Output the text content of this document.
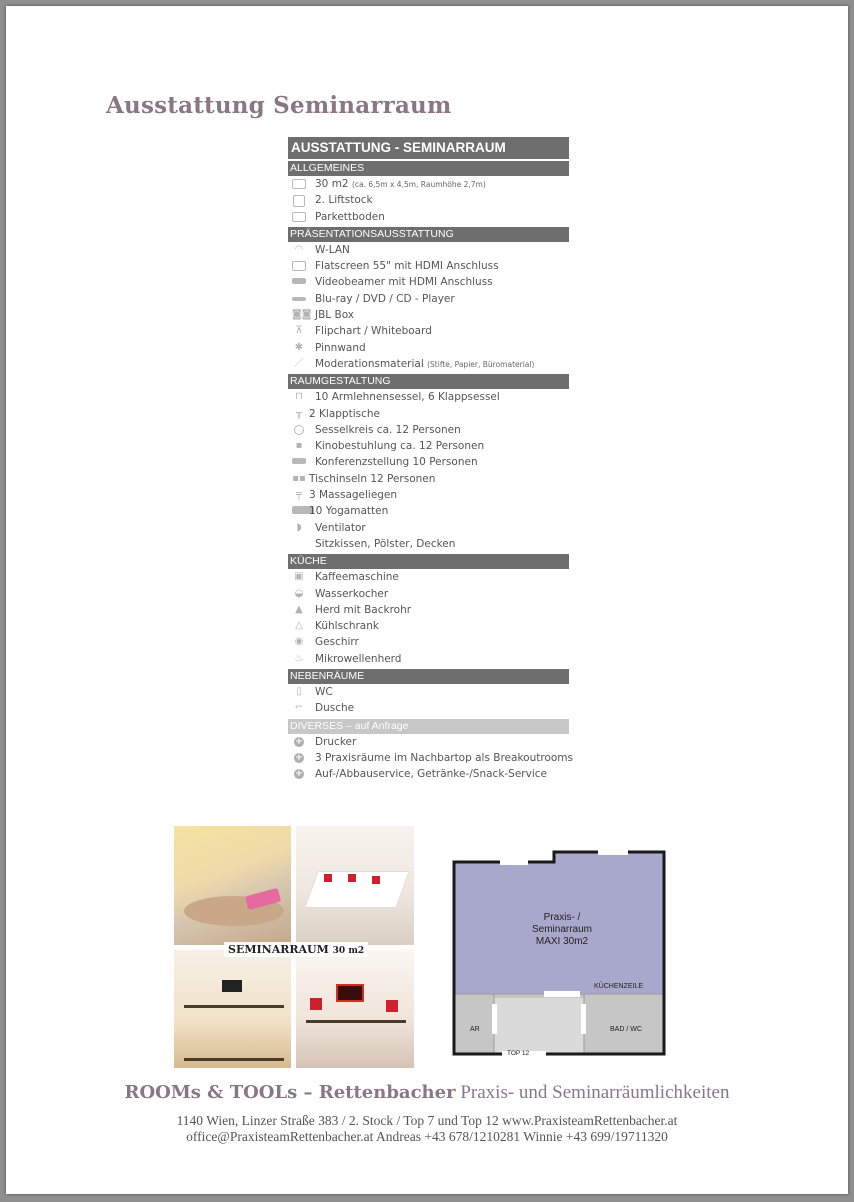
Ausstattung Seminarraum
AUSSTATTUNG - SEMINARRAUM
ALLGEMEINES
30 m2 (ca. 6,5m x 4,5m, Raumhöhe 2,7m)
2. Liftstock
Parkettboden
PRÄSENTATIONSAUSSTATTUNG
◠ W-LAN
Flatscreen 55" mit HDMI Anschluss
Videobeamer mit HDMI Anschluss
Blu-ray / DVD / CD - Player
◙◙ JBL Box
⊼	Flipchart / Whiteboard
✱ Pinnwand
／ Moderationsmaterial (Stifte, Papier, Büromaterial)
RAUMGESTALTUNG
⊓ 10 Armlehnensessel, 6 Klappsessel
╥ 2 Klapptische
Sesselkreis ca. 12 Personen
▪	Kinobestuhlung ca. 12 Personen
Konferenzstellung 10 Personen
▪▪ Tischinseln 12 Personen
╤ 3 Massageliegen
10 Yogamatten
◗	Ventilator
Sitzkissen, Pölster, Decken
KÜCHE
▣ Kaffeemaschine
◒ Wasserkocher
▲	Herd mit Backrohr
△	Kühlschrank
◉ Geschirr
♨ Mikrowellenherd
NEBENRÄUME
▯	WC
⌐ Dusche
DIVERSES – auf Anfrage
+	Drucker
+	3 Praxisräume im Nachbartop als Breakoutrooms
+	Auf-/Abbauservice, Getränke-/Snack-Service
SEMINARRAUM 30 m2
Praxis- /
Seminarraum
MAXI 30m2
KÜCHENZEILE
AR	BAD / WC
TOP 12
ROOMs & TOOLs – Rettenbacher Praxis- und Seminarräumlichkeiten
1140 Wien, Linzer Straße 383 / 2. Stock / Top 7 und Top 12 www.PraxisteamRettenbacher.at
office@PraxisteamRettenbacher.at Andreas +43 678/1210281 Winnie +43 699/19711320
